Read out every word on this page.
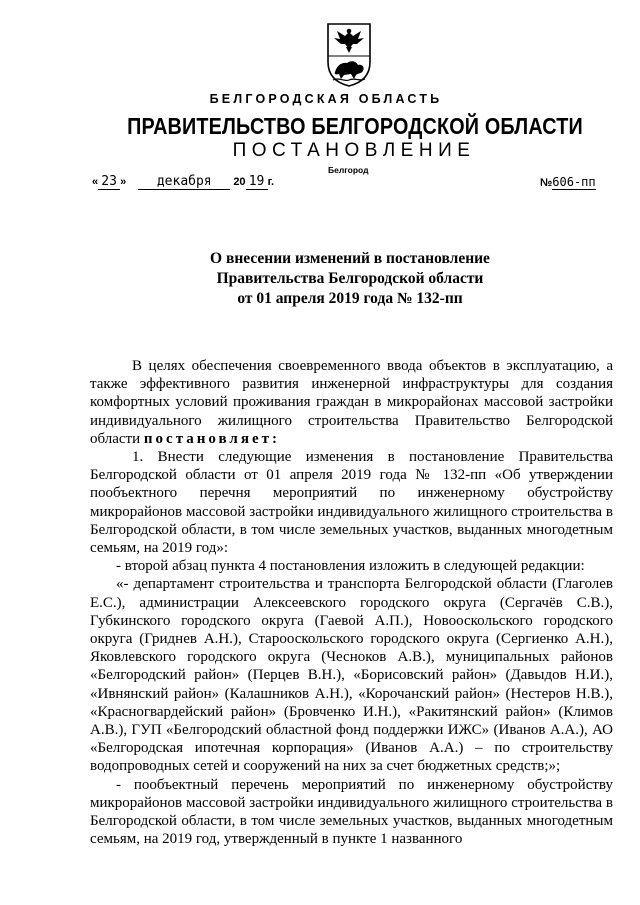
БЕЛГОРОДСКАЯ ОБЛАСТЬ
ПРАВИТЕЛЬСТВО БЕЛГОРОДСКОЙ ОБЛАСТИ
ПОСТАНОВЛЕНИЕ
Белгород
« 23 » декабря 20 19 г.	№606-пп
О внесении изменений в постановление
Правительства Белгородской области
от 01 апреля 2019 года № 132-пп

В целях обеспечения своевременного ввода объектов в эксплуатацию, а также эффективного развития инженерной инфраструктуры для создания комфортных условий проживания граждан в микрорайонах массовой застройки индивидуального жилищного строительства Правительство Белгородской области постановляет:

1. Внести следующие изменения в постановление Правительства Белгородской области от 01 апреля 2019 года № 132-пп «Об утверждении пообъектного перечня мероприятий по инженерному обустройству микрорайонов массовой застройки индивидуального жилищного строительства в Белгородской области, в том числе земельных участков, выданных многодетным семьям, на 2019 год»:

- второй абзац пункта 4 постановления изложить в следующей редакции:

«- департамент строительства и транспорта Белгородской области (Глаголев Е.С.), администрации Алексеевского городского округа (Сергачёв С.В.), Губкинского городского округа (Гаевой А.П.), Новооскольского городского округа (Гриднев А.Н.), Старооскольского городского округа (Сергиенко А.Н.), Яковлевского городского округа (Чесноков А.В.), муниципальных районов «Белгородский район» (Перцев В.Н.), «Борисовский район» (Давыдов Н.И.), «Ивнянский район» (Калашников А.Н.), «Корочанский район» (Нестеров Н.В.), «Красногвардейский район» (Бровченко И.Н.), «Ракитянский район» (Климов А.В.), ГУП «Белгородский областной фонд поддержки ИЖС» (Иванов А.А.), АО «Белгородская ипотечная корпорация» (Иванов А.А.) – по строительству водопроводных сетей и сооружений на них за счет бюджетных средств;»;

- пообъектный перечень мероприятий по инженерному обустройству микрорайонов массовой застройки индивидуального жилищного строительства в Белгородской области, в том числе земельных участков, выданных многодетным семьям, на 2019 год, утвержденный в пункте 1 названного
